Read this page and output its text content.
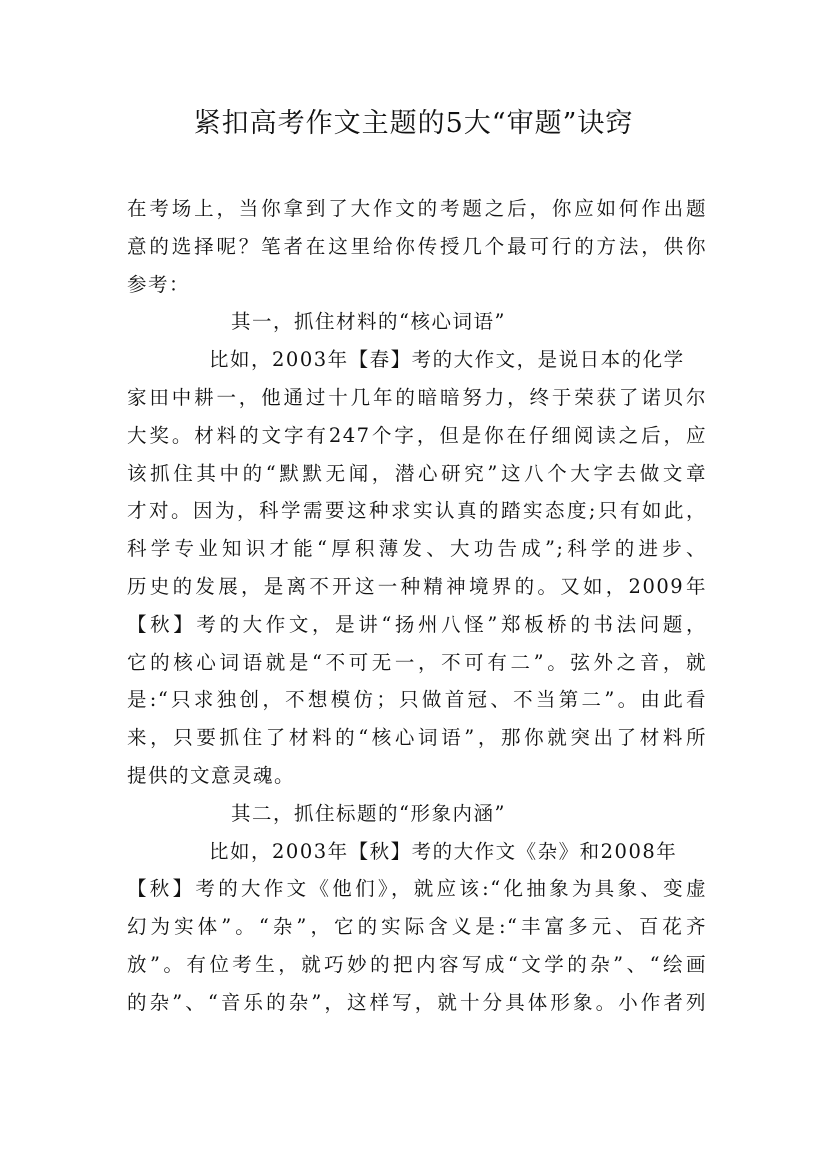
紧扣高考作文主题的5大“审题”诀窍

在考场上，当你拿到了大作文的考题之后，你应如何作出题

意的选择呢？笔者在这里给你传授几个最可行的方法，供你

参考：

其一，抓住材料的“核心词语”

比如，2003年【春】考的大作文，是说日本的化学

家田中耕一，他通过十几年的暗暗努力，终于荣获了诺贝尔

大奖。材料的文字有247个字，但是你在仔细阅读之后，应

该抓住其中的“默默无闻，潜心研究”这八个大字去做文章

才对。因为，科学需要这种求实认真的踏实态度;只有如此，

科学专业知识才能“厚积薄发、大功告成”;科学的进步、

历史的发展，是离不开这一种精神境界的。又如，2009年

【秋】考的大作文，是讲“扬州八怪”郑板桥的书法问题，

它的核心词语就是“不可无一，不可有二”。弦外之音，就

是:“只求独创，不想模仿；只做首冠、不当第二”。由此看

来，只要抓住了材料的“核心词语”，那你就突出了材料所

提供的文意灵魂。

其二，抓住标题的“形象内涵”

比如，2003年【秋】考的大作文《杂》和2008年

【秋】考的大作文《他们》，就应该:“化抽象为具象、变虚

幻为实体”。“杂”，它的实际含义是:“丰富多元、百花齐

放”。有位考生，就巧妙的把内容写成“文学的杂”、“绘画

的杂”、“音乐的杂”，这样写，就十分具体形象。小作者列
